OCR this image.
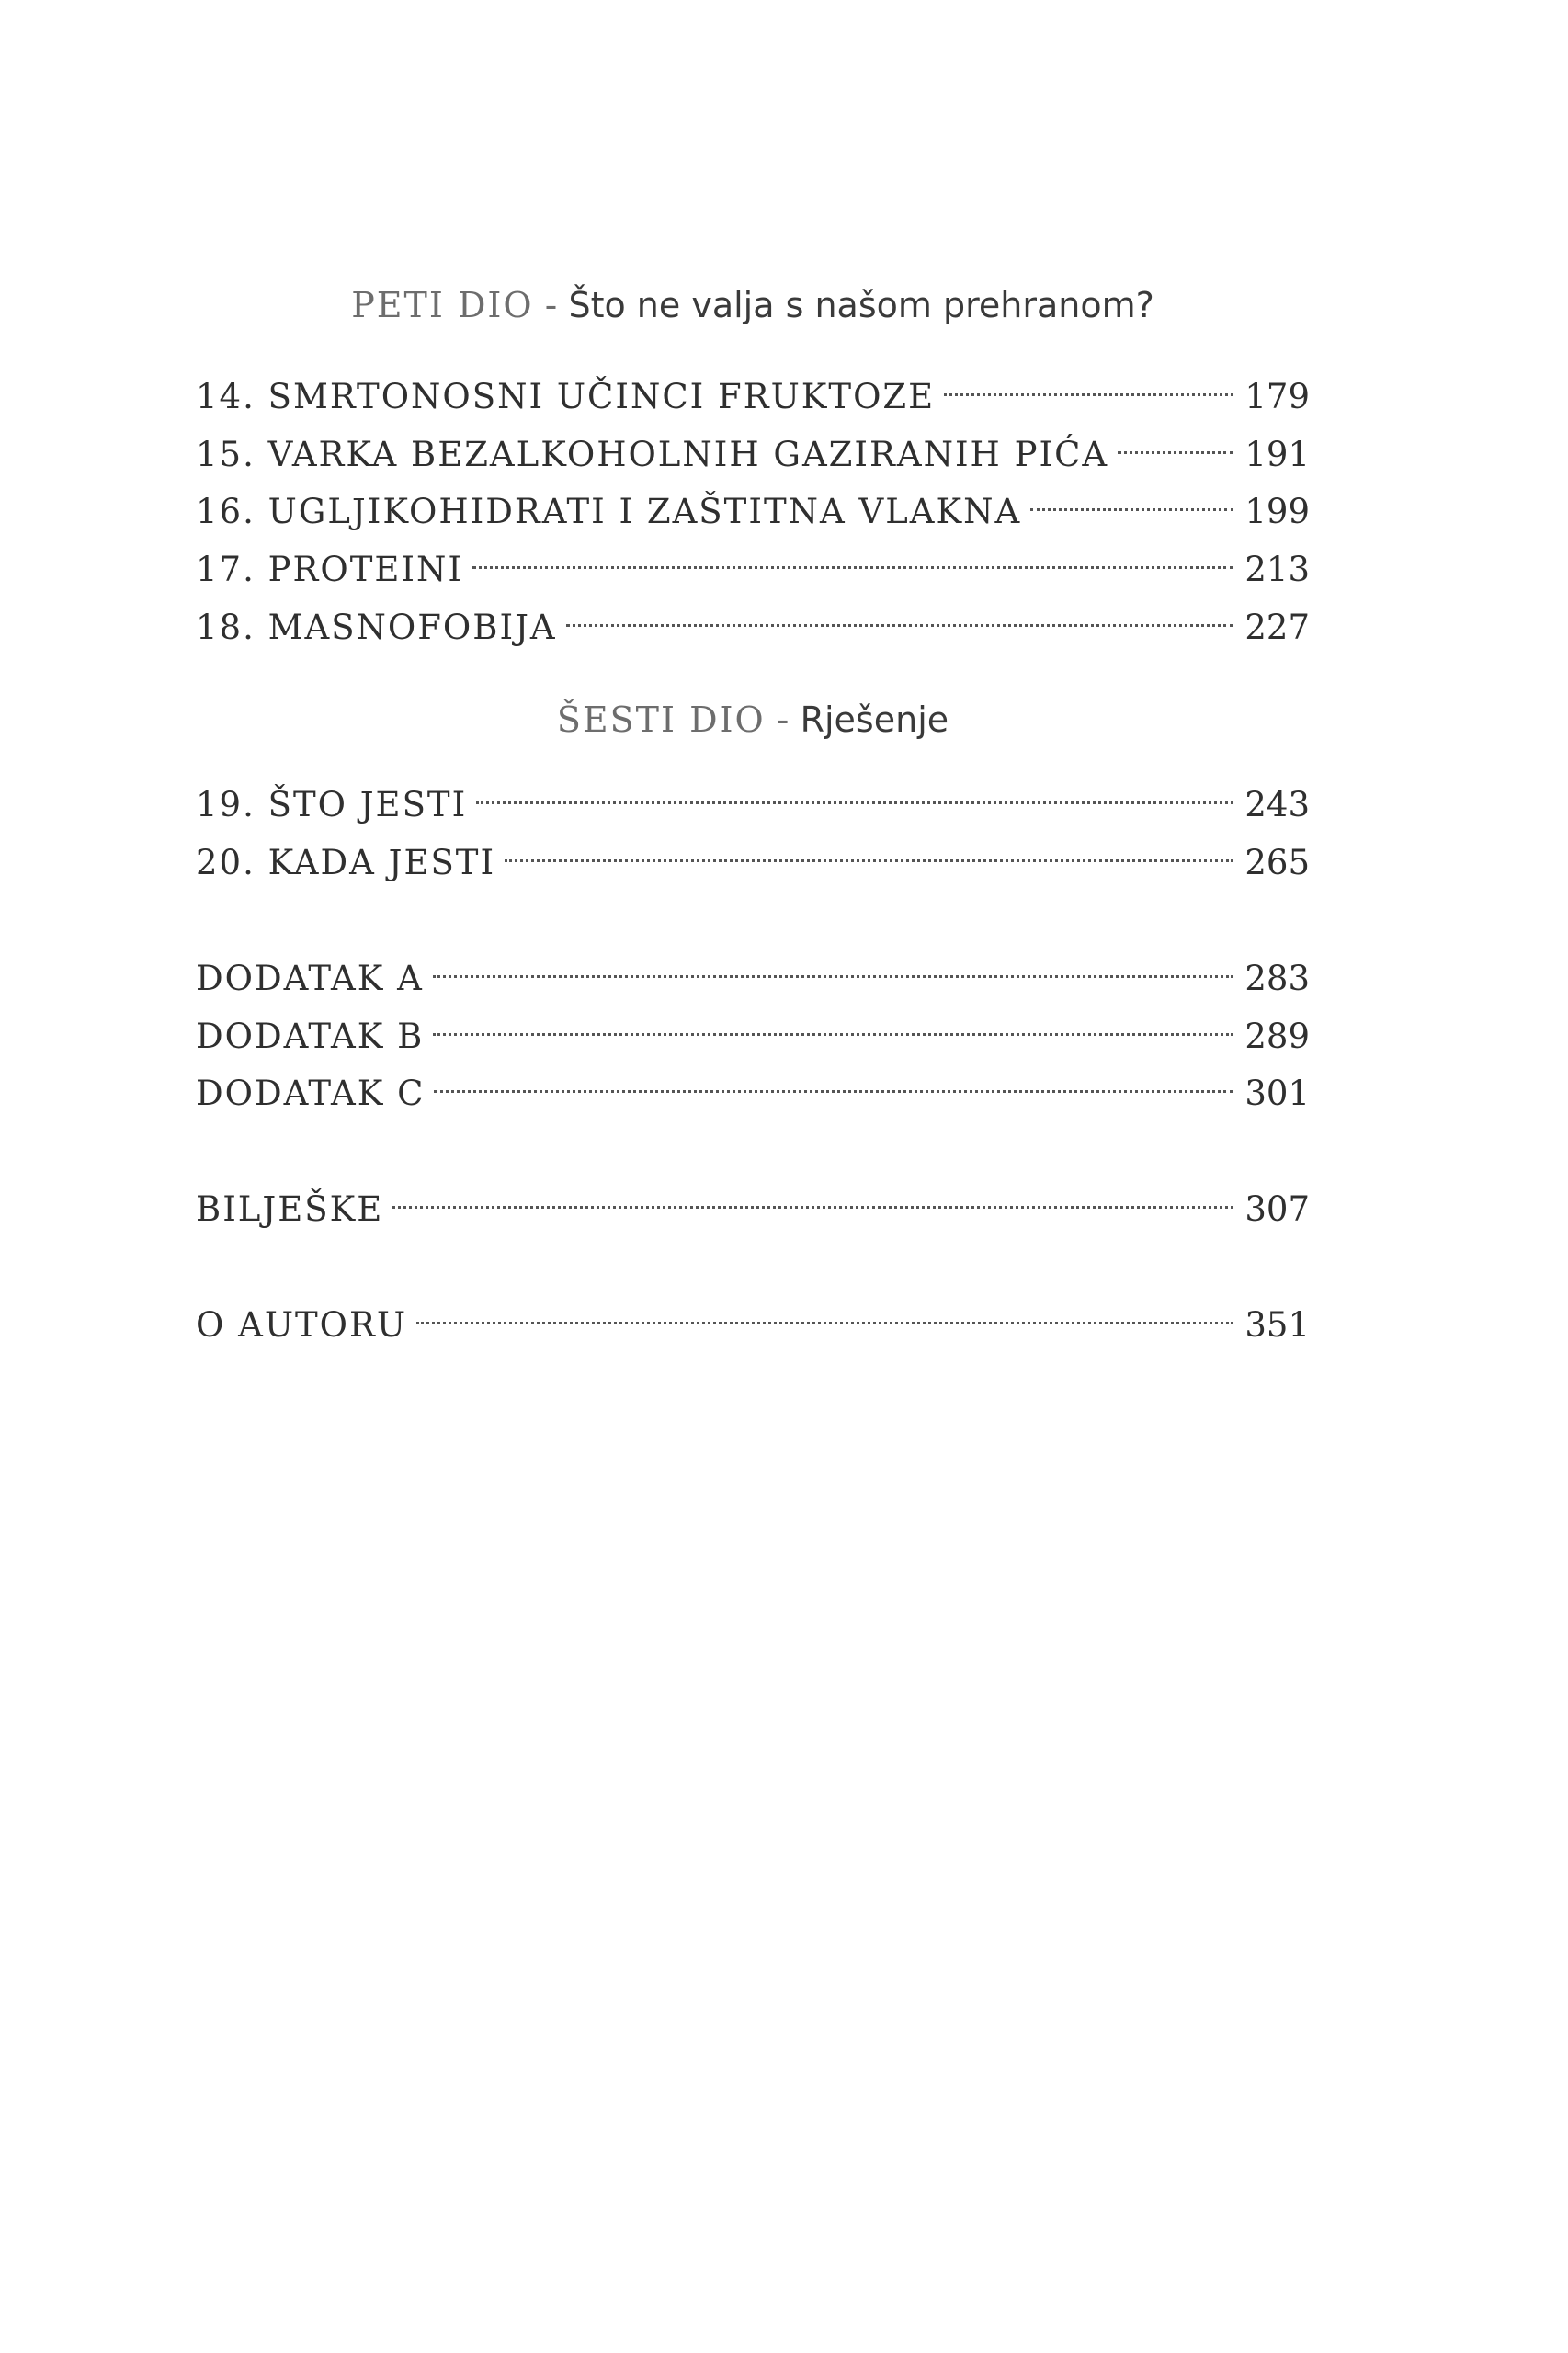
PETI DIO - Što ne valja s našom prehranom?
14. SMRTONOSNI UČINCI FRUKTOZE	179
15. VARKA BEZALKOHOLNIH GAZIRANIH PIĆA	191
16. UGLJIKOHIDRATI I ZAŠTITNA VLAKNA	199
17. PROTEINI	213
18. MASNOFOBIJA	227
ŠESTI DIO - Rješenje
19. ŠTO JESTI	243
20. KADA JESTI	265
DODATAK A	283
DODATAK B	289
DODATAK C	301
BILJEŠKE	307
O AUTORU	351
